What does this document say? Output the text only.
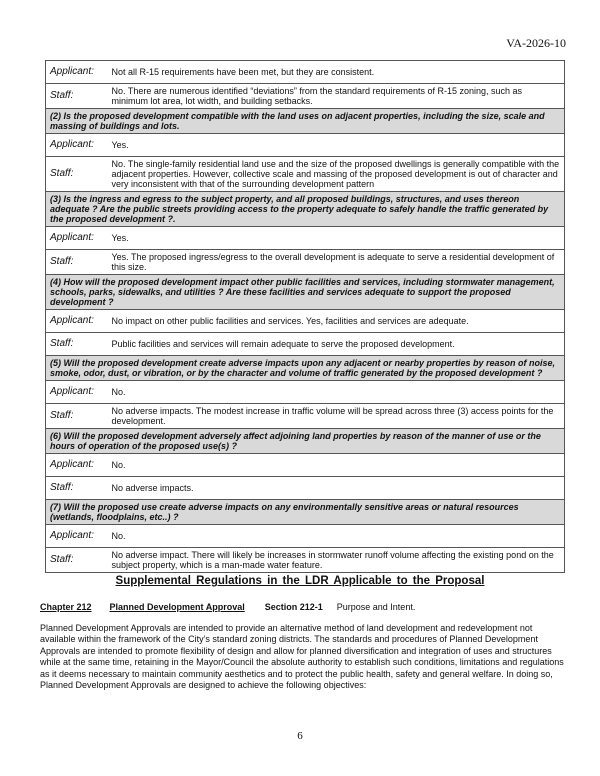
VA-2026-10
Applicant:	Not all R-15 requirements have been met, but they are consistent.
Staff:	No. There are numerous identified “deviations” from the standard requirements of R-15 zoning, such as minimum lot area, lot width, and building setbacks.
(2) Is the proposed development compatible with the land uses on adjacent properties, including the size, scale and massing of buildings and lots.	
Applicant:	Yes.
Staff:	No. The single-family residential land use and the size of the proposed dwellings is generally compatible with the adjacent properties. However, collective scale and massing of the proposed development is out of character and very inconsistent with that of the surrounding development pattern
(3) Is the ingress and egress to the subject property, and all proposed buildings, structures, and uses thereon adequate ? Are the public streets providing access to the property adequate to safely handle the traffic generated by the proposed development ?.	
Applicant:	Yes.
Staff:	Yes. The proposed ingress/egress to the overall development is adequate to serve a residential development of this size.
(4) How will the proposed development impact other public facilities and services, including stormwater management, schools, parks, sidewalks, and utilities ? Are these facilities and services adequate to support the proposed development ?	
Applicant:	No impact on other public facilities and services. Yes, facilities and services are adequate.
Staff:	Public facilities and services will remain adequate to serve the proposed development.
(5) Will the proposed development create adverse impacts upon any adjacent or nearby properties by reason of noise, smoke, odor, dust, or vibration, or by the character and volume of traffic generated by the proposed development ?	
Applicant:	No.
Staff:	No adverse impacts. The modest increase in traffic volume will be spread across three (3) access points for the development.
(6) Will the proposed development adversely affect adjoining land properties by reason of the manner of use or the hours of operation of the proposed use(s) ?	
Applicant:	No.
Staff:	No adverse impacts.
(7) Will the proposed use create adverse impacts on any environmentally sensitive areas or natural resources (wetlands, floodplains, etc..) ?	
Applicant:	No.
Staff:	No adverse impact. There will likely be increases in stormwater runoff volume affecting the existing pond on the subject property, which is a man-made water feature.
Supplemental Regulations in the LDR Applicable to the Proposal
Chapter 212 Planned Development Approval Section 212-1 Purpose and Intent.

Planned Development Approvals are intended to provide an alternative method of land development and redevelopment not available within the framework of the City’s standard zoning districts. The standards and procedures of Planned Development Approvals are intended to promote flexibility of design and allow for planned diversification and integration of uses and structures while at the same time, retaining in the Mayor/Council the absolute authority to establish such conditions, limitations and regulations as it deems necessary to maintain community aesthetics and to protect the public health, safety and general welfare. In doing so, Planned Development Approvals are designed to achieve the following objectives:

6
